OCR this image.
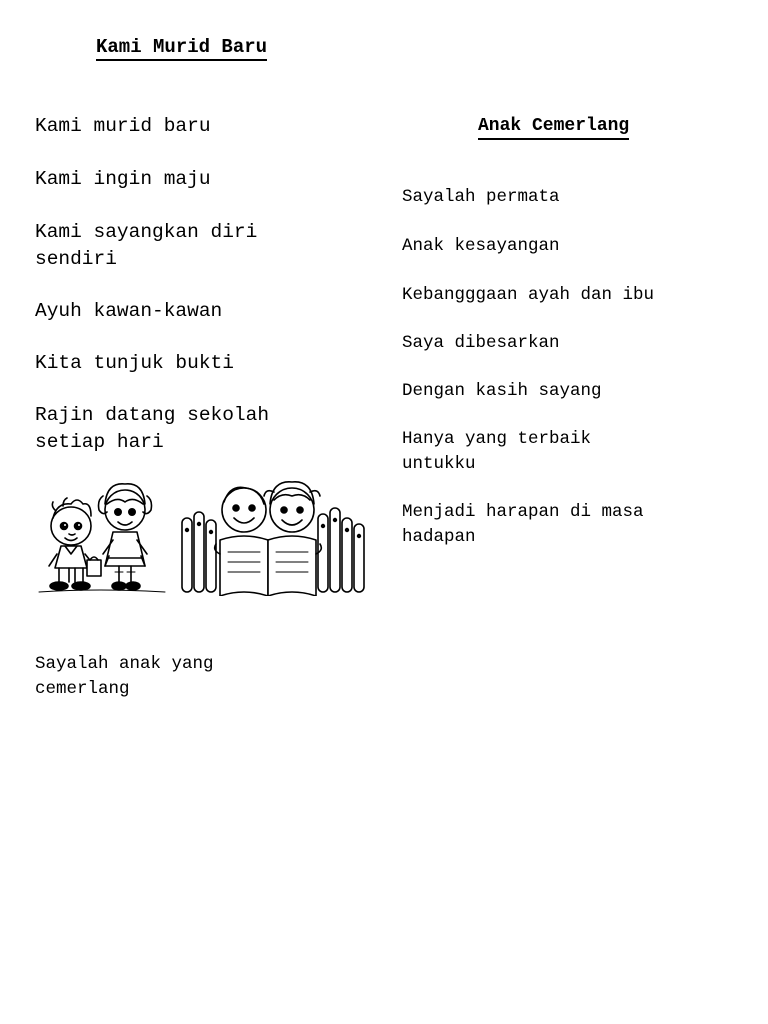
Kami Murid Baru

Kami murid baru

Kami ingin maju

Kami sayangkan diri
sendiri

Ayuh kawan-kawan

Kita tunjuk bukti

Rajin datang sekolah
setiap hari

Anak Cemerlang

Sayalah permata

Anak kesayangan

Kebangggaan ayah dan ibu

Saya dibesarkan

Dengan kasih sayang

Hanya yang terbaik
untukku

Menjadi harapan di masa
hadapan

Sayalah anak yang
cemerlang
